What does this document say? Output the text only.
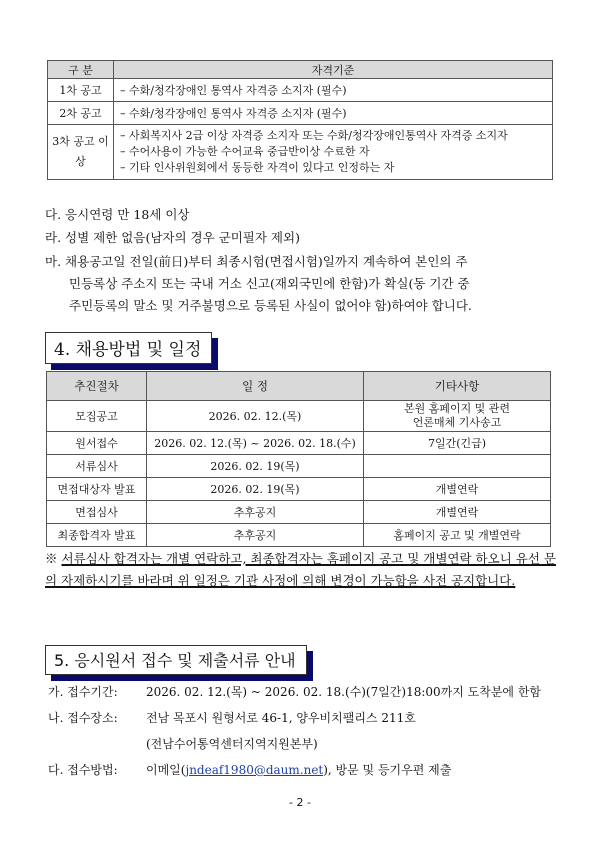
구 분	자격기준
1차 공고	– 수화/청각장애인 통역사 자격증 소지자 (필수)
2차 공고	– 수화/청각장애인 통역사 자격증 소지자 (필수)
3차 공고 이상	– 사회복지사 2급 이상 자격증 소지자 또는 수화/청각장애인통역사 자격증 소지자
– 수어사용이 가능한 수어교육 중급반이상 수료한 자
– 기타 인사위원회에서 동등한 자격이 있다고 인정하는 자
다. 응시연령 만 18세 이상
라. 성별 제한 없음(남자의 경우 군미필자 제외)
마. 채용공고일 전일(前日)부터 최종시험(면접시험)일까지 계속하여 본인의 주
민등록상 주소지 또는 국내 거소 신고(재외국민에 한함)가 확실(동 기간 중
주민등록의 말소 및 거주불명으로 등록된 사실이 없어야 함)하여야 합니다.
4. 채용방법 및 일정
추진절차	일 정	기타사항
모집공고	2026. 02. 12.(목)	본원 홈페이지 및 관련
언론매체 기사송고

원서접수	2026. 02. 12.(목) ~ 2026. 02. 18.(수)	7일간(긴급)
서류심사	2026. 02. 19(목)	
면접대상자 발표	2026. 02. 19(목)	개별연락
면접심사	추후공지	개별연락
최종합격자 발표	추후공지	홈페이지 공고 및 개별연락
※ 서류심사 합격자는 개별 연락하고, 최종합격자는 홈페이지 공고 및 개별연락 하오니 유선 문의 자제하시기를 바라며 위 일정은 기관 사정에 의해 변경이 가능함을 사전 공지합니다.
5. 응시원서 접수 및 제출서류 안내
가. 접수기간: 2026. 02. 12.(목) ~ 2026. 02. 18.(수)(7일간)18:00까지 도착분에 한함
나. 접수장소: 전남 목포시 원형서로 46-1, 양우비치팰리스 211호
(전남수어통역센터지역지원본부)
다. 접수방법: 이메일(jndeaf1980@daum.net), 방문 및 등기우편 제출
- 2 -
